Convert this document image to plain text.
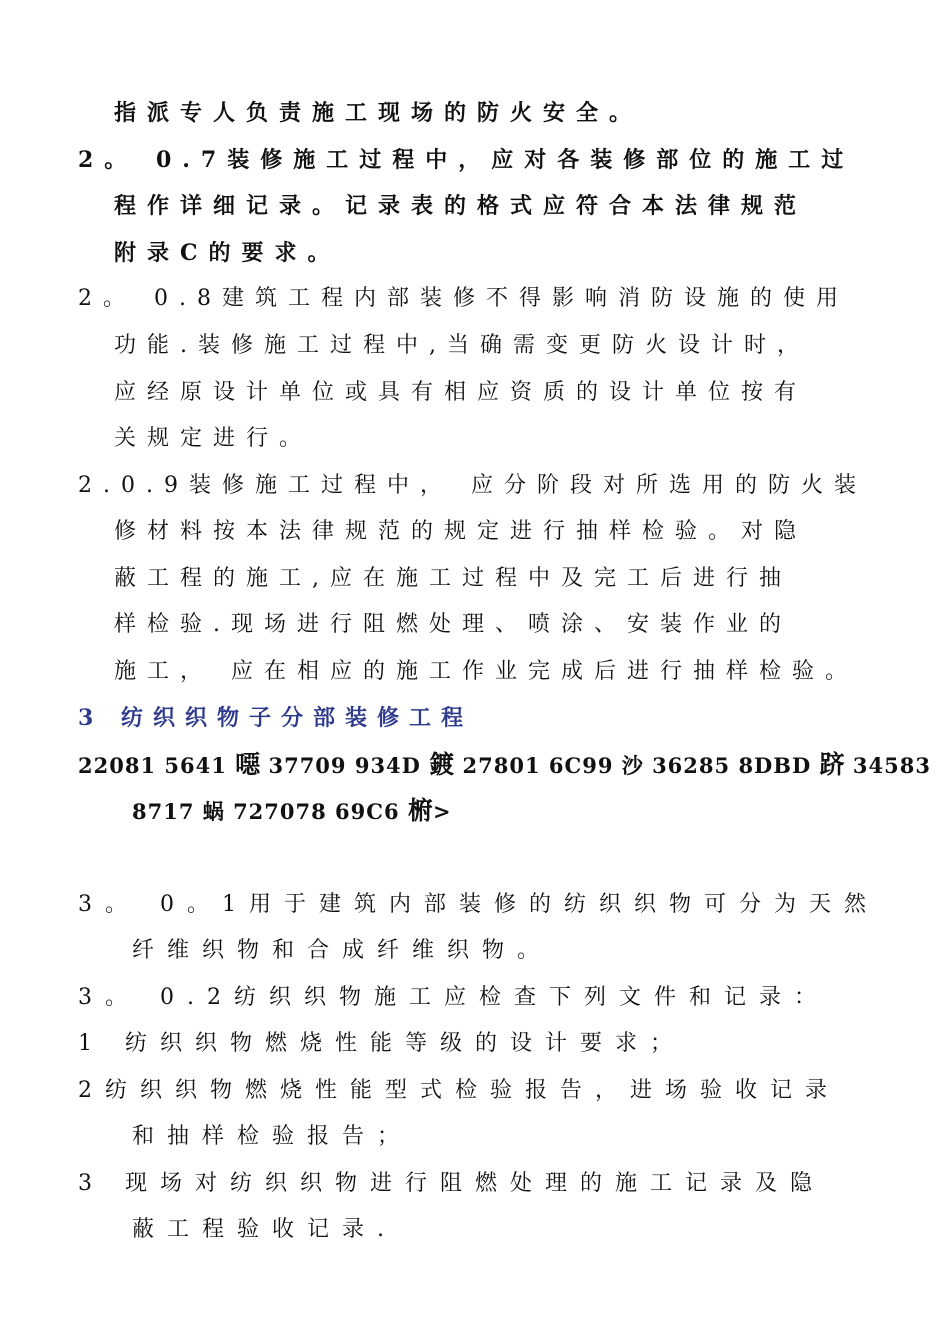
指派专人负责施工现场的防火安全。
2。 0.7装修施工过程中，应对各装修部位的施工过
程作详细记录。记录表的格式应符合本法律规范
附录C的要求。
2。 0.8建筑工程内部装修不得影响消防设施的使用
功能.装修施工过程中,当确需变更防火设计时，
应经原设计单位或具有相应资质的设计单位按有
关规定进行。
2.0.9装修施工过程中， 应分阶段对所选用的防火装
修材料按本法律规范的规定进行抽样检验。对隐
蔽工程的施工,应在施工过程中及完工后进行抽
样检验.现场进行阻燃处理、喷涂、安装作业的
施工， 应在相应的施工作业完成后进行抽样检验。
3 纺织织物子分部装修工程
22081 5641 噁 37709 934D 鍍 27801 6C99 沙 36285 8DBD 跻 34583
8717 蜗 727078 69C6 椨>
3。 0。1用于建筑内部装修的纺织织物可分为天然
纤维织物和合成纤维织物。
3。 0.2纺织织物施工应检查下列文件和记录：
1 纺织织物燃烧性能等级的设计要求；
2纺织织物燃烧性能型式检验报告，进场验收记录
和抽样检验报告；
3 现场对纺织织物进行阻燃处理的施工记录及隐
蔽工程验收记录.
